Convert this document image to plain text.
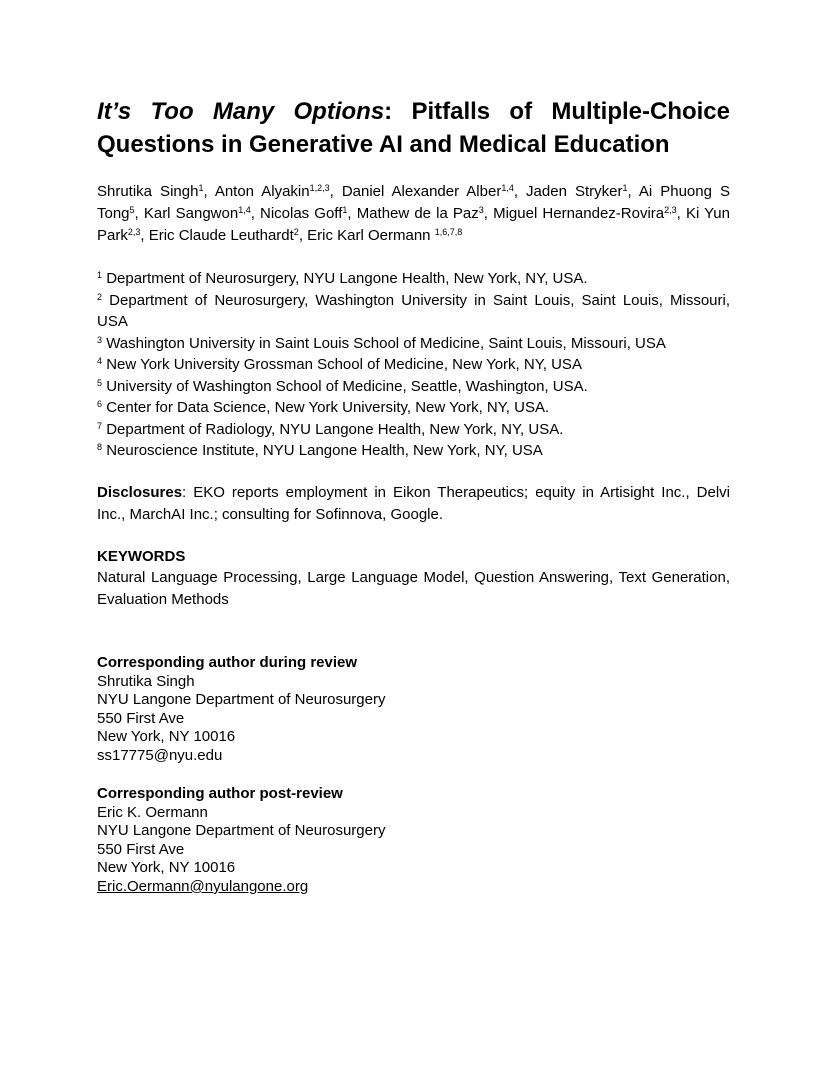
It’s Too Many Options: Pitfalls of Multiple-Choice Questions in Generative AI and Medical Education

Shrutika Singh$^1$, Anton Alyakin$^{1,2,3}$, Daniel Alexander Alber$^{1,4}$, Jaden Stryker$^1$, Ai Phuong S Tong$^5$, Karl Sangwon$^{1,4}$, Nicolas Goff$^1$, Mathew de la Paz$^3$, Miguel Hernandez-Rovira$^{2,3}$, Ki Yun Park$^{2,3}$, Eric Claude Leuthardt$^2$, Eric Karl Oermann $^{1,6,7,8}$

$^1$ Department of Neurosurgery, NYU Langone Health, New York, NY, USA.
$^2$ Department of Neurosurgery, Washington University in Saint Louis, Saint Louis, Missouri, USA
$^3$ Washington University in Saint Louis School of Medicine, Saint Louis, Missouri, USA
$^4$ New York University Grossman School of Medicine, New York, NY, USA
$^5$ University of Washington School of Medicine, Seattle, Washington, USA.
$^6$ Center for Data Science, New York University, New York, NY, USA.
$^7$ Department of Radiology, NYU Langone Health, New York, NY, USA.
$^8$ Neuroscience Institute, NYU Langone Health, New York, NY, USA

Disclosures: EKO reports employment in Eikon Therapeutics; equity in Artisight Inc., Delvi Inc., MarchAI Inc.; consulting for Sofinnova, Google.

KEYWORDS

Natural Language Processing, Large Language Model, Question Answering, Text Generation, Evaluation Methods

Corresponding author during review
Shrutika Singh
NYU Langone Department of Neurosurgery
550 First Ave
New York, NY 10016
ss17775@nyu.edu
Corresponding author post-review
Eric K. Oermann
NYU Langone Department of Neurosurgery
550 First Ave
New York, NY 10016
Eric.Oermann@nyulangone.org
